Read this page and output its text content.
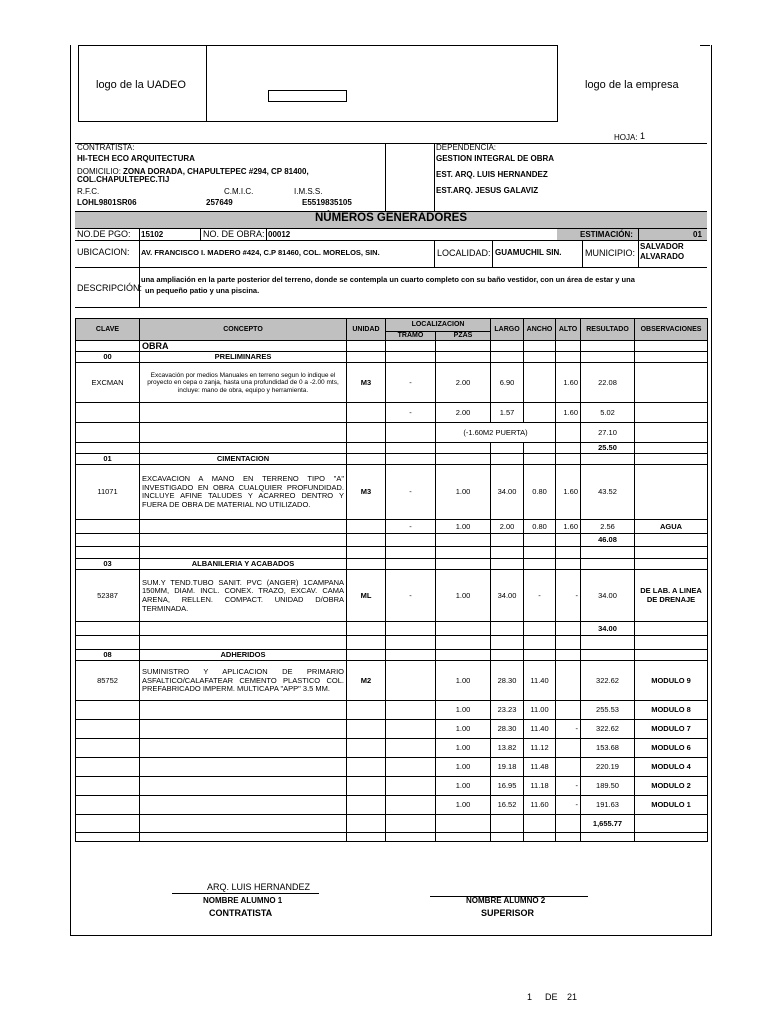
logo de la UADEO	logo de la empresa
HOJA: 1
CONTRATISTA:
HI-TECH ECO ARQUITECTURA
DOMICILIO: ZONA DORADA, CHAPULTEPEC #294, CP 81400,
COL.CHAPULTEPEC.TIJ
R.F.C.	C.M.I.C.	I.M.S.S.
LOHL9801SR06	257649	E5519835105
DEPENDENCIA:
GESTION INTEGRAL DE OBRA
EST. ARQ. LUIS HERNANDEZ
EST.ARQ. JESUS GALAVIZ
NÚMEROS GENERADORES
NO.DE PGO: 15102	NO. DE OBRA: 00012	ESTIMACIÓN:	01
UBICACION: AV. FRANCISCO I. MADERO #424, C.P 81460, COL. MORELOS, SIN.	LOCALIDAD: GUAMUCHIL SIN.	MUNICIPIO:
SALVADOR
ALVARADO
DESCRIPCIÓN:
una ampliación en la parte posterior del terreno, donde se contempla un cuarto completo con su baño vestidor, con un área de estar y una
un pequeño patio y una piscina.
CLAVE	CONCEPTO	UNIDAD	LOCALIZACION		LARGO	ANCHO	ALTO	RESULTADO	OBSERVACIONES
			TRAMO	PZAS					
	OBRA								
00	PRELIMINARES								
EXCMAN	Excavación por medios Manuales en terreno segun lo indique el proyecto en cepa o zanja, hasta una profundidad de 0 a -2.00 mts, incluye: mano de obra, equipo y herramienta.	M3	-	2.00	6.90		1.60	22.08	
			-	2.00	1.57		1.60	5.02	
				(-1.60M2 PUERTA)				27.10	
								25.50	
01	CIMENTACION								
11071	EXCAVACION A MANO EN TERRENO TIPO "A" INVESTIGADO EN OBRA CUALQUIER PROFUNDIDAD. INCLUYE AFINE TALUDES Y ACARREO DENTRO Y FUERA DE OBRA DE MATERIAL NO UTILIZADO.	M3	-	1.00	34.00	0.80	1.60	43.52	
			-	1.00	2.00	0.80	1.60	2.56	AGUA
								46.08	

03	ALBANILERIA Y ACABADOS								
52387	SUM.Y TEND.TUBO SANIT. PVC (ANGER) 1CAMPANA 150MM, DIAM. INCL. CONEX. TRAZO, EXCAV. CAMA ARENA, RELLEN. COMPACT. UNIDAD D/OBRA TERMINADA.	ML	-	1.00	34.00	-	-	34.00	DE LAB. A LINEA DE DRENAJE
								34.00	

08	ADHERIDOS								
85752	SUMINISTRO Y APLICACION DE PRIMARIO ASFALTICO/CALAFATEAR CEMENTO PLASTICO COL. PREFABRICADO IMPERM. MULTICAPA "APP" 3.5 MM.	M2		1.00	28.30	11.40		322.62	MODULO 9
				1.00	23.23	11.00		255.53	MODULO 8
				1.00	28.30	11.40	-	322.62	MODULO 7
				1.00	13.82	11.12		153.68	MODULO 6
				1.00	19.18	11.48		220.19	MODULO 4
				1.00	16.95	11.18	-	189.50	MODULO 2
				1.00	16.52	11.60	-	191.63	MODULO 1
								1,655.77	

ARQ. LUIS HERNANDEZ
NOMBRE ALUMNO 1
CONTRATISTA
NOMBRE ALUMNO 2
SUPERISOR
1 DE 21
